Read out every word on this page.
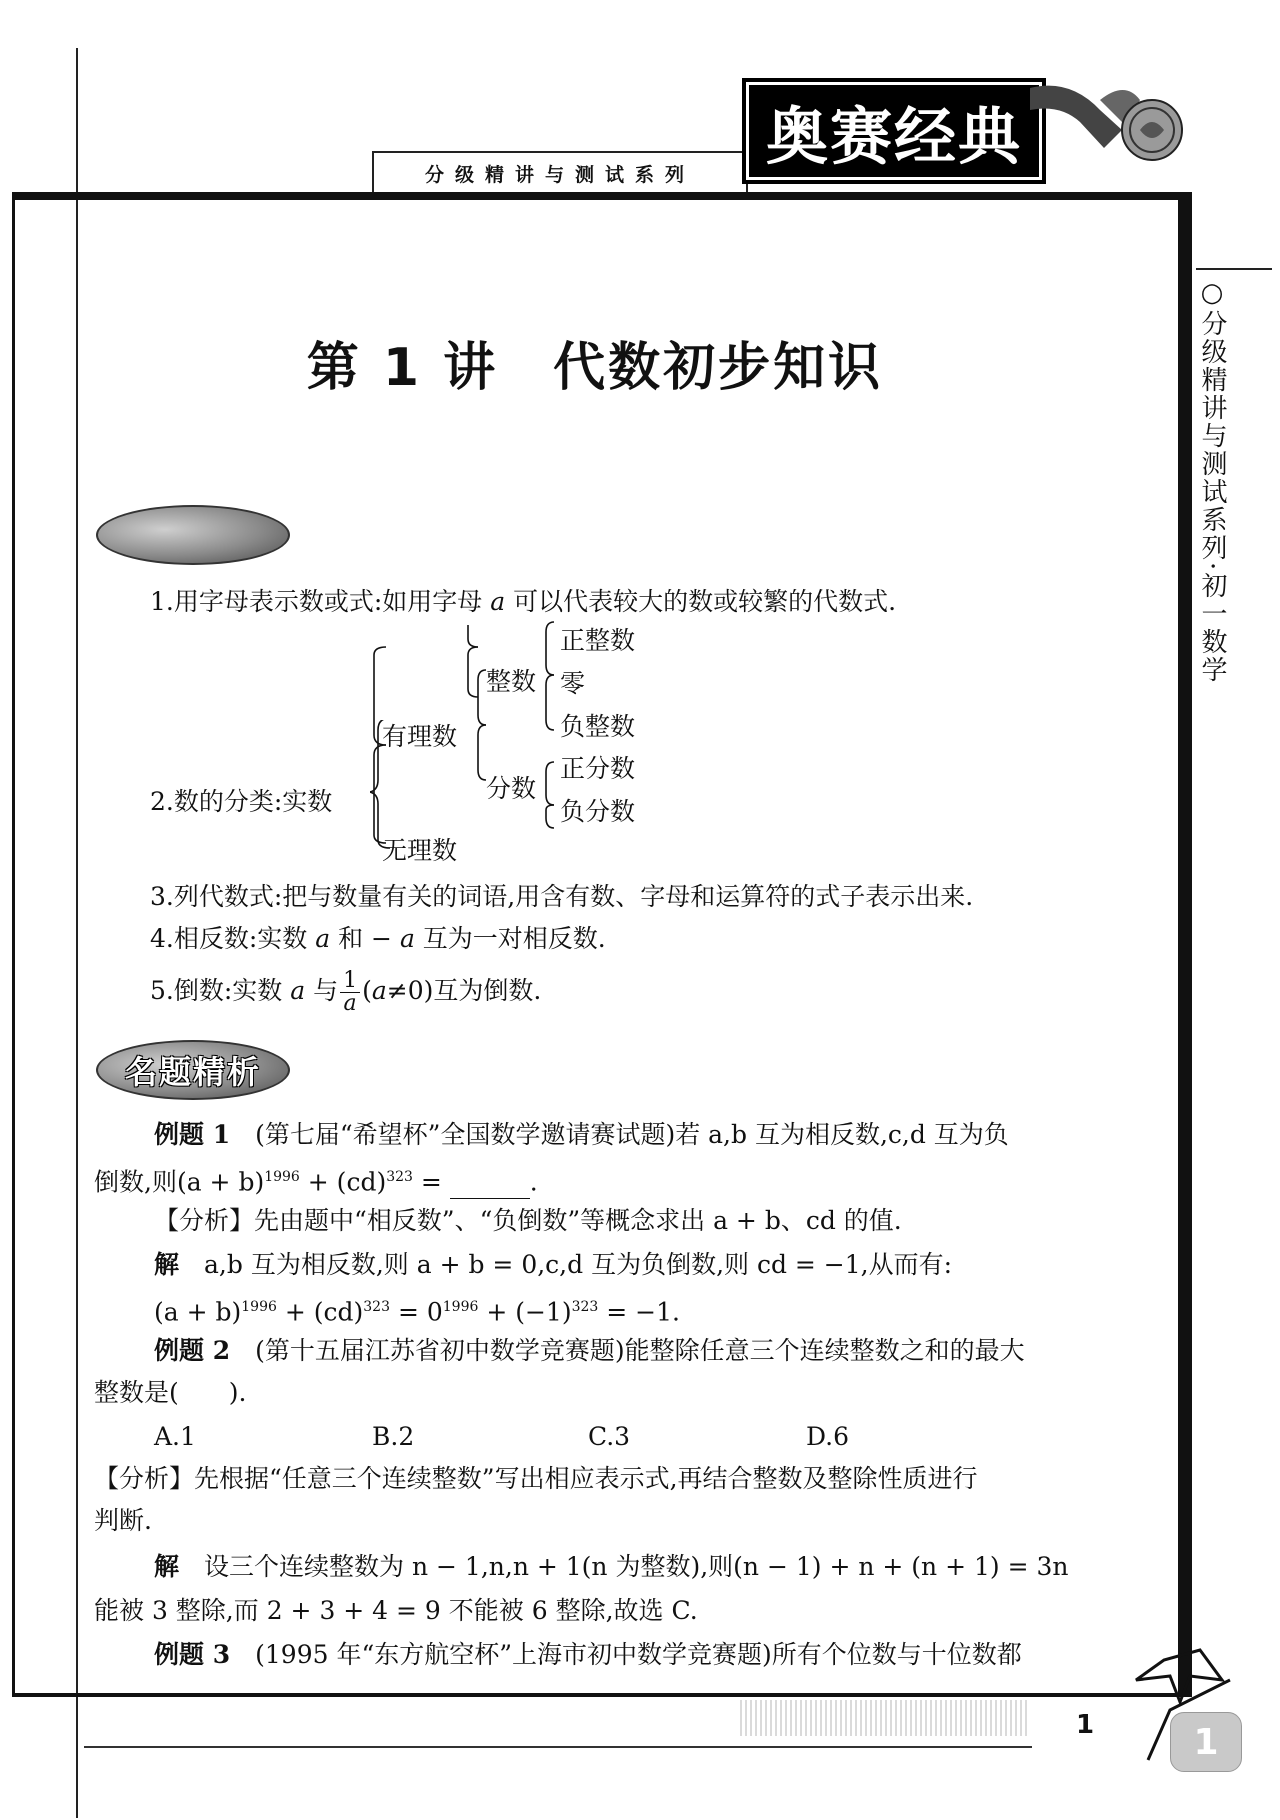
分级精讲与测试系列
奥赛经典
○分级精讲与测试系列·初一数学
第 1 讲　代数初步知识
1.用字母表示数或式:如用字母 a 可以代表较大的数或较繁的代数式.
2.数的分类:实数
有理数
无理数
整数
分数
正整数
零
负整数
正分数
负分数
3.列代数式:把与数量有关的词语,用含有数、字母和运算符的式子表示出来.
4.相反数:实数 a 和 − a 互为一对相反数.
5.倒数:实数 a 与 $\frac{1}{a} (a\ne 0)$互为倒数.
名题精析
例题 1　 (第七届“希望杯”全国数学邀请赛试题)若 a,b 互为相反数,c,d 互为负
倒数,则$(a + b)^{1996} + (cd)^{323}$ =	.
【分析】先由题中“相反数”、“负倒数”等概念求出 a + b、cd 的值.
解　 a,b 互为相反数,则 a + b = 0,c,d 互为负倒数,则 cd = −1,从而有:
$(a + b)^{1996} + (cd)^{323} = 0^{1996} + (-1)^{323} = -1$.
例题 2　 (第十五届江苏省初中数学竞赛题)能整除任意三个连续整数之和的最大
整数是(　　).
A.1	B.2	C.3	D.6
【分析】先根据“任意三个连续整数”写出相应表示式,再结合整数及整除性质进行
判断.
解　 设三个连续整数为 n − 1,n,n + 1(n 为整数),则(n − 1) + n + (n + 1) = 3n
能被 3 整除,而 2 + 3 + 4 = 9 不能被 6 整除,故选 C.
例题 3　 (1995 年“东方航空杯”上海市初中数学竞赛题)所有个位数与十位数都
1	1
